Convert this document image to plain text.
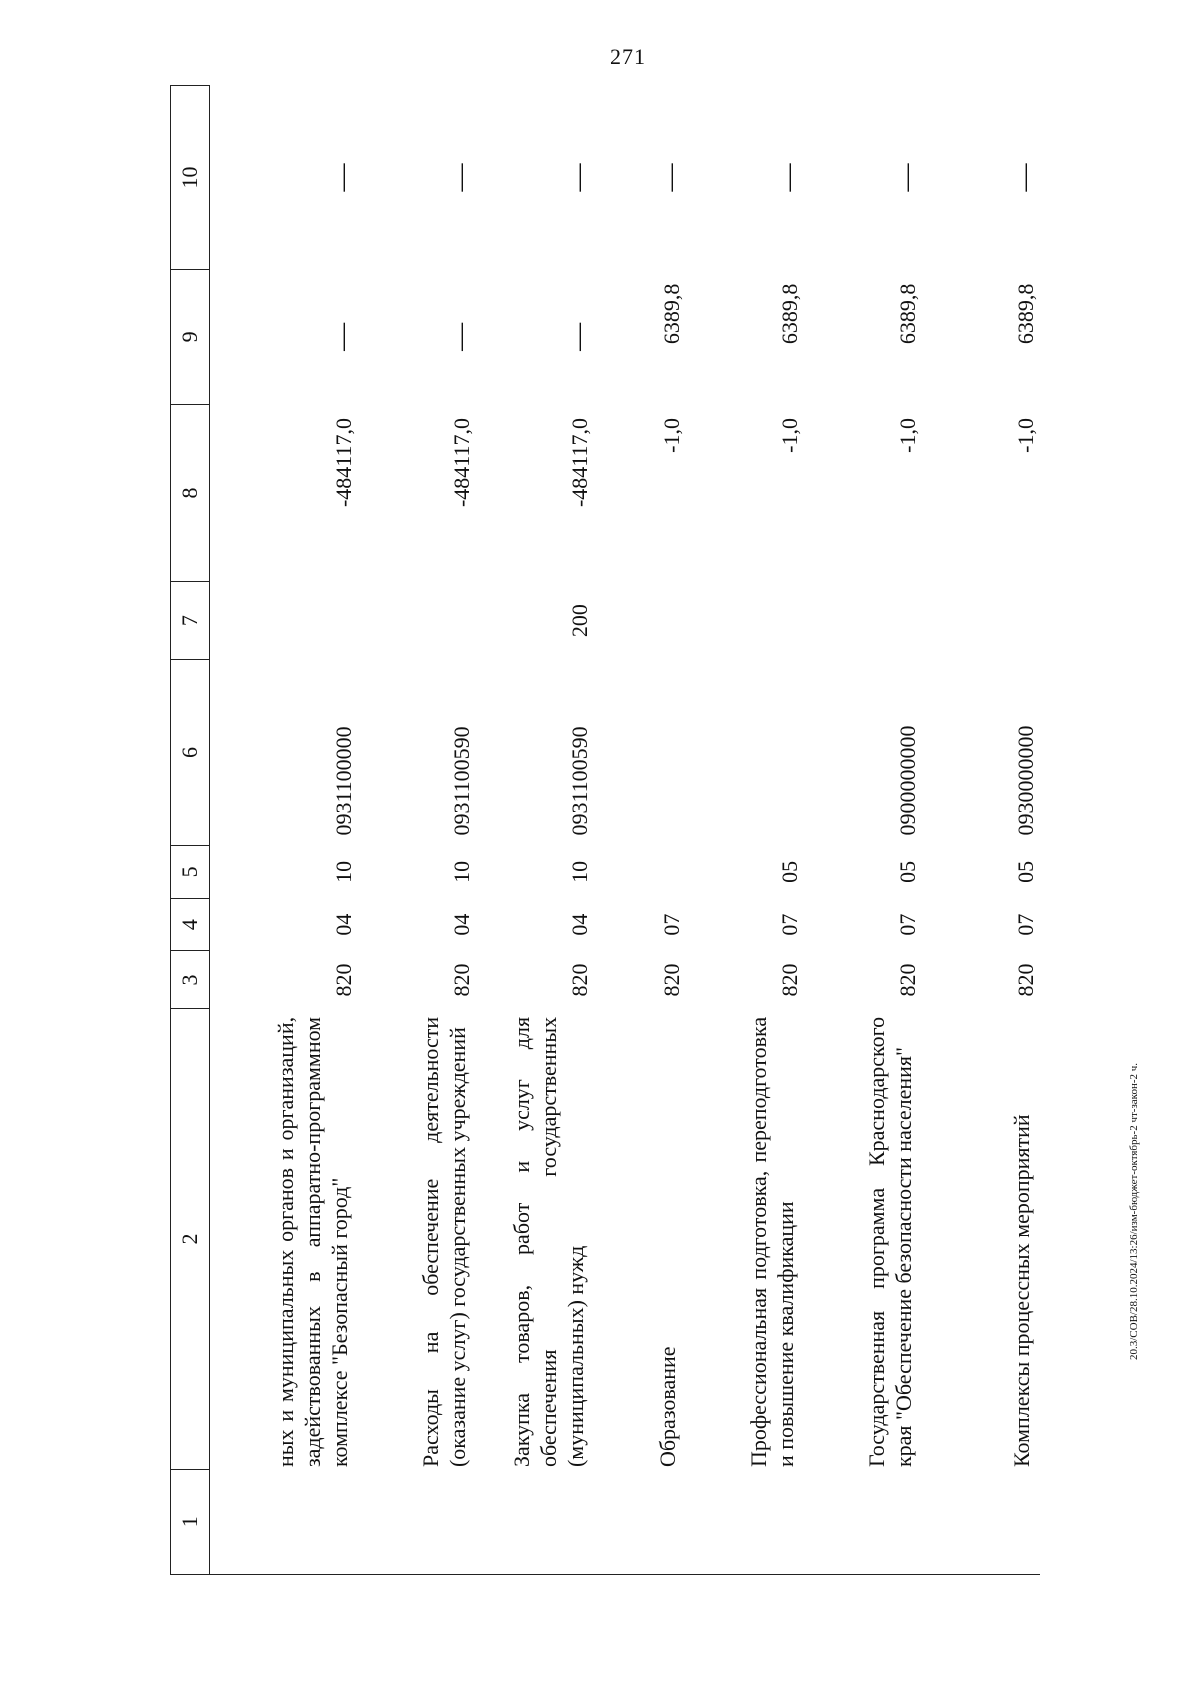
271
20.3/СОВ/28.10.2024/13:26/изм-бюджет-октябрь-2 чт-закон-2 ч.
1	2	3	4	5	6	7	8	9	10
	ных и муниципальных органов и организаций, задействованных в аппаратно-программном комплексе "Безопасный город"	820	04	10	0931100000		-484117,0	—	—
	Расходы на обеспечение деятельности (оказание услуг) государственных учреждений	820	04	10	0931100590		-484117,0	—	—
	Закупка товаров, работ и услуг для обеспечения государственных (муниципальных) нужд	820	04	10	0931100590	200	-484117,0	—	—
	Образование	820	07				-1,0	6389,8	—
	Профессиональная подготовка, переподготовка и повышение квалификации	820	07	05			-1,0	6389,8	—
	Государственная программа Краснодарского края "Обеспечение безопасности населения"	820	07	05	0900000000		-1,0	6389,8	—
	Комплексы процессных мероприятий	820	07	05	0930000000		-1,0	6389,8	—
